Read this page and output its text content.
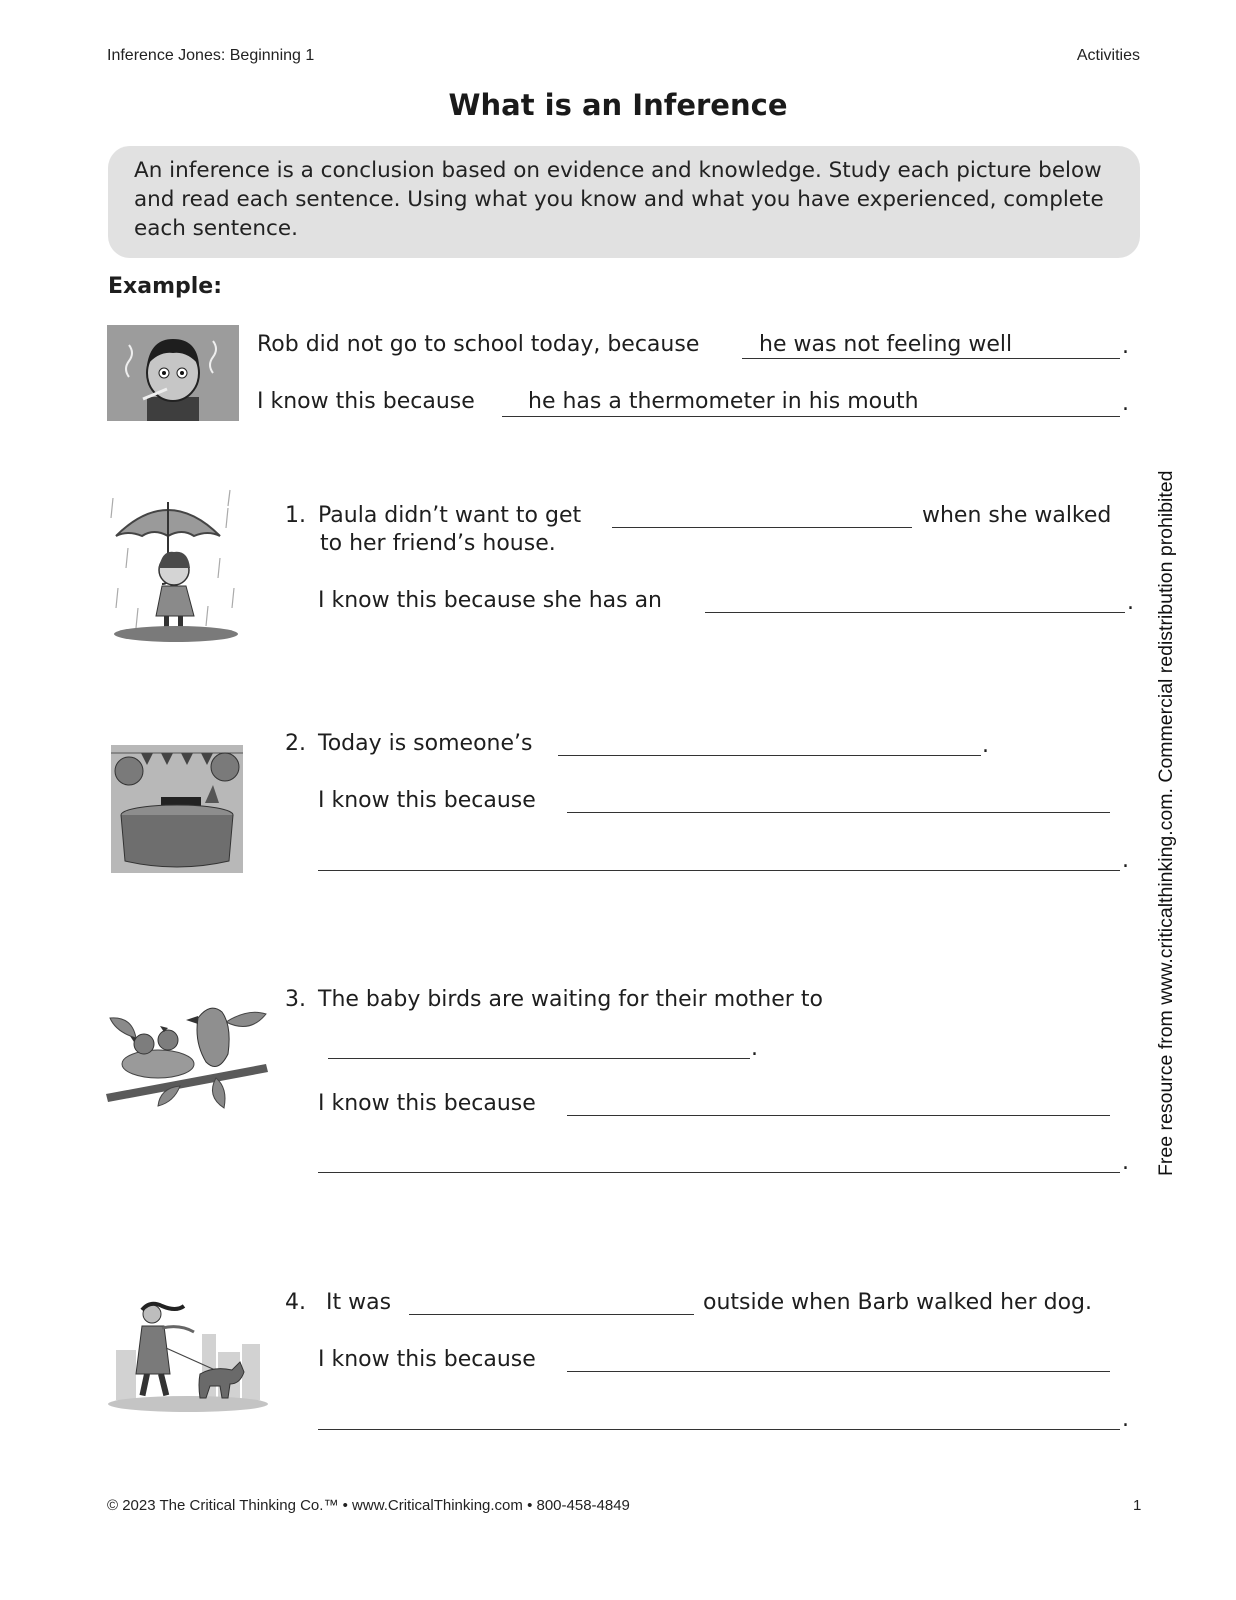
Inference Jones: Beginning 1	Activities
What is an Inference
An inference is a conclusion based on evidence and knowledge. Study each picture below and read each sentence. Using what you know and what you have experienced, complete each sentence.
Example:
Rob did not go to school today, because	he was not feeling well	.
I know this because he has a thermometer in his mouth	.
1. Paula didn’t want to get	when she walked
to her friend’s house.
I know this because she has an	.
2. Today is someone’s	.
I know this because
.
3. The baby birds are waiting for their mother to
.
I know this because
.
4. It was	outside when Barb walked her dog.
I know this because
.
Free resource from www.criticalthinking.com. Commercial redistribution prohibited
© 2023 The Critical Thinking Co.™ • www.CriticalThinking.com • 800-458-4849	1
